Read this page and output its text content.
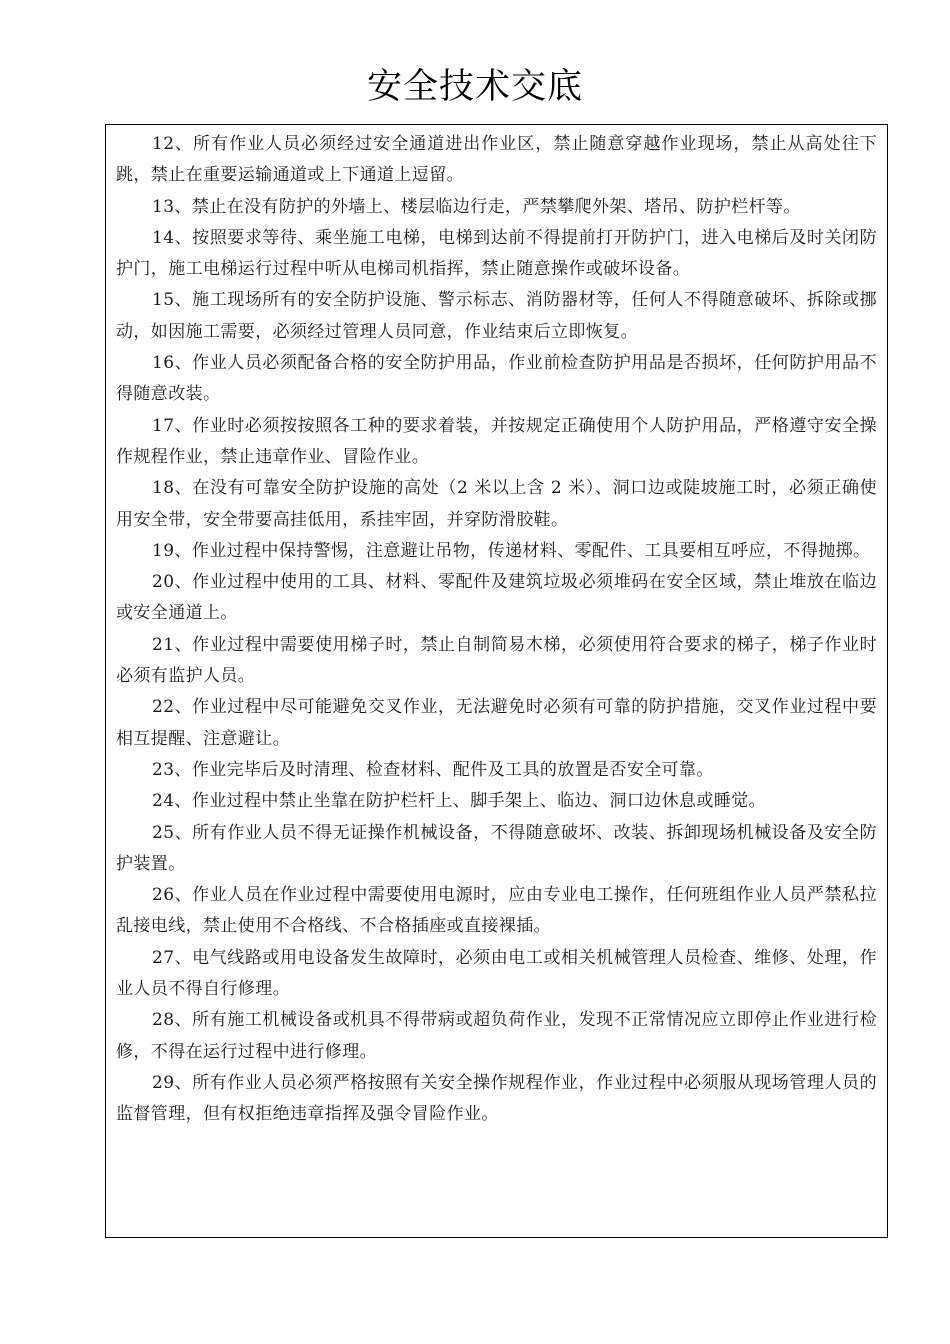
安全技术交底

12、所有作业人员必须经过安全通道进出作业区，禁止随意穿越作业现场，禁止从高处往下跳，禁止在重要运输通道或上下通道上逗留。

13、禁止在没有防护的外墙上、楼层临边行走，严禁攀爬外架、塔吊、防护栏杆等。

14、按照要求等待、乘坐施工电梯，电梯到达前不得提前打开防护门，进入电梯后及时关闭防护门，施工电梯运行过程中听从电梯司机指挥，禁止随意操作或破坏设备。

15、施工现场所有的安全防护设施、警示标志、消防器材等，任何人不得随意破坏、拆除或挪动，如因施工需要，必须经过管理人员同意，作业结束后立即恢复。

16、作业人员必须配备合格的安全防护用品，作业前检查防护用品是否损坏，任何防护用品不得随意改装。

17、作业时必须按按照各工种的要求着装，并按规定正确使用个人防护用品，严格遵守安全操作规程作业，禁止违章作业、冒险作业。

18、在没有可靠安全防护设施的高处（2 米以上含 2 米）、洞口边或陡坡施工时，必须正确使用安全带，安全带要高挂低用，系挂牢固，并穿防滑胶鞋。

19、作业过程中保持警惕，注意避让吊物，传递材料、零配件、工具要相互呼应，不得抛掷。

20、作业过程中使用的工具、材料、零配件及建筑垃圾必须堆码在安全区域，禁止堆放在临边或安全通道上。

21、作业过程中需要使用梯子时，禁止自制简易木梯，必须使用符合要求的梯子，梯子作业时必须有监护人员。

22、作业过程中尽可能避免交叉作业，无法避免时必须有可靠的防护措施，交叉作业过程中要相互提醒、注意避让。

23、作业完毕后及时清理、检查材料、配件及工具的放置是否安全可靠。

24、作业过程中禁止坐靠在防护栏杆上、脚手架上、临边、洞口边休息或睡觉。

25、所有作业人员不得无证操作机械设备，不得随意破坏、改装、拆卸现场机械设备及安全防护装置。

26、作业人员在作业过程中需要使用电源时，应由专业电工操作，任何班组作业人员严禁私拉乱接电线，禁止使用不合格线、不合格插座或直接裸插。

27、电气线路或用电设备发生故障时，必须由电工或相关机械管理人员检查、维修、处理，作业人员不得自行修理。

28、所有施工机械设备或机具不得带病或超负荷作业，发现不正常情况应立即停止作业进行检修，不得在运行过程中进行修理。

29、所有作业人员必须严格按照有关安全操作规程作业，作业过程中必须服从现场管理人员的监督管理，但有权拒绝违章指挥及强令冒险作业。
